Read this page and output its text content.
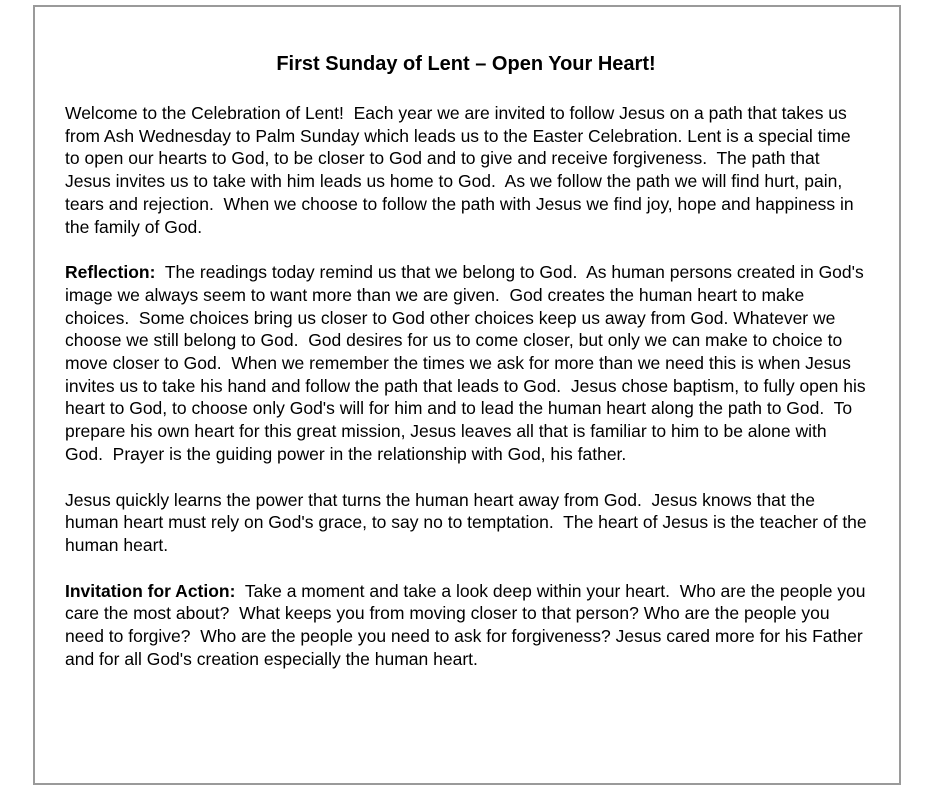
First Sunday of Lent – Open Your Heart!

Welcome to the Celebration of Lent!  Each year we are invited to follow Jesus on a path that takes us from Ash Wednesday to Palm Sunday which leads us to the Easter Celebration. Lent is a special time to open our hearts to God, to be closer to God and to give and receive forgiveness.  The path that Jesus invites us to take with him leads us home to God.  As we follow the path we will find hurt, pain, tears and rejection.  When we choose to follow the path with Jesus we find joy, hope and happiness in the family of God.

Reflection:  The readings today remind us that we belong to God.  As human persons created in God's image we always seem to want more than we are given.  God creates the human heart to make choices.  Some choices bring us closer to God other choices keep us away from God. Whatever we choose we still belong to God.  God desires for us to come closer, but only we can make to choice to move closer to God.  When we remember the times we ask for more than we need this is when Jesus invites us to take his hand and follow the path that leads to God.  Jesus chose baptism, to fully open his heart to God, to choose only God's will for him and to lead the human heart along the path to God.  To prepare his own heart for this great mission, Jesus leaves all that is familiar to him to be alone with God.  Prayer is the guiding power in the relationship with God, his father.

Jesus quickly learns the power that turns the human heart away from God.  Jesus knows that the human heart must rely on God's grace, to say no to temptation.  The heart of Jesus is the teacher of the human heart.

Invitation for Action:  Take a moment and take a look deep within your heart.  Who are the people you care the most about?  What keeps you from moving closer to that person? Who are the people you need to forgive?  Who are the people you need to ask for forgiveness? Jesus cared more for his Father and for all God's creation especially the human heart.
